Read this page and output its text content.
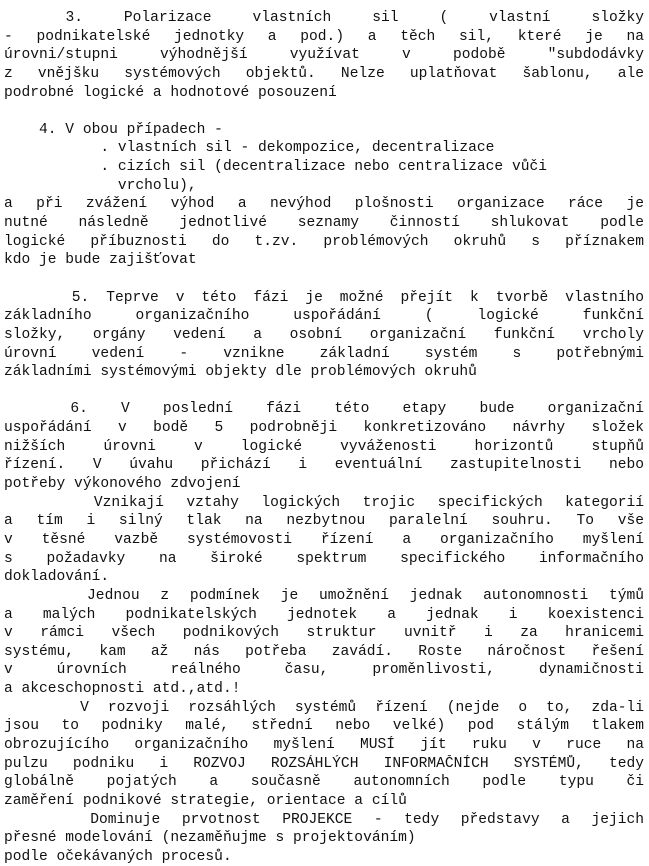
3.  Polarizace  vlastních  sil  (  vlastní  složky
- podnikatelské jednotky a pod.) a těch sil, které je na
úrovni/stupni výhodnější využívat v podobě "subdodávky
z vnějšku systémových objektů. Nelze uplatňovat šablonu, ale
podrobné logické a hodnotové posouzení
4. V obou případech -
. vlastních sil - dekompozice, decentralizace
. cizích sil (decentralizace nebo centralizace vůči
vrcholu),
a při zvážení výhod a nevýhod plošnosti organizace ráce je
nutné následně jednotlivé seznamy činností shlukovat podle
logické příbuznosti do t.zv. problémových okruhů s příznakem
kdo je bude zajišťovat
5. Teprve v této fázi je možné přejít k tvorbě vlastního
základního organizačního uspořádání ( logické funkční
složky, orgány vedení a osobní organizační funkční vrcholy
úrovní vedení - vznikne základní systém s potřebnými
základními systémovými objekty dle problémových okruhů
6.  V  poslední  fázi  této  etapy  bude  organizační
uspořádání v bodě 5 podrobněji konkretizováno návrhy složek
nižších úrovni v logické vyváženosti horizontů stupňů
řízení. V úvahu přichází i eventuální zastupitelnosti nebo
potřeby výkonového zdvojení
Vznikají vztahy logických trojic specifických kategorií
a tím i silný tlak na nezbytnou paralelní souhru. To vše
v těsné vazbě systémovosti řízení a organizačního myšlení
s požadavky na široké spektrum specifického informačního
dokladování.
Jednou z podmínek je umožnění jednak autonomnosti týmů
a malých podnikatelských jednotek a jednak i koexistenci
v rámci všech podnikových struktur uvnitř i za hranicemi
systému, kam až nás potřeba zavádí. Roste náročnost řešení
v úrovních reálného času, proměnlivosti, dynamičnosti
a akceschopnosti atd.,atd.!
V rozvoji rozsáhlých systémů řízení (nejde o to, zda-li
jsou to podniky malé, střední nebo velké) pod stálým tlakem
obrozujícího organizačního myšlení MUSÍ jít ruku v ruce na
pulzu podniku i ROZVOJ ROZSÁHLÝCH INFORMAČNÍCH SYSTÉMŮ, tedy
globálně pojatých a současně autonomních podle typu či
zaměření podnikové strategie, orientace a cílů
Dominuje prvotnost PROJEKCE - tedy představy a jejich
přesné modelování (nezaměňujme s projektováním)
podle očekávaných procesů.
